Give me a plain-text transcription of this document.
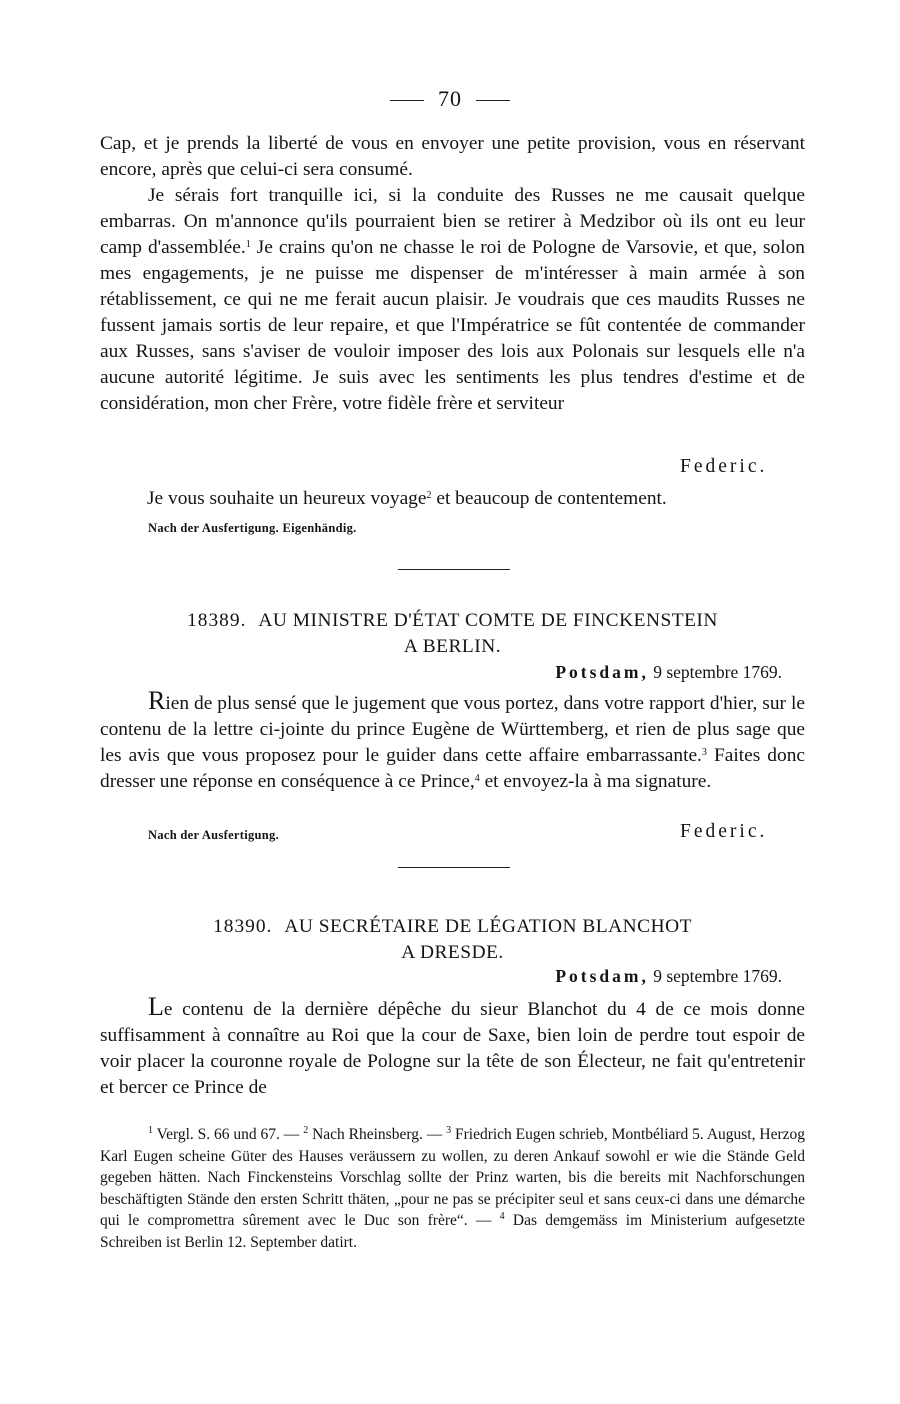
70

Cap, et je prends la liberté de vous en envoyer une petite provision, vous en réservant encore, après que celui-ci sera consumé.

Je sérais fort tranquille ici, si la conduite des Russes ne me causait quelque embarras. On m'annonce qu'ils pourraient bien se retirer à Medzibor où ils ont eu leur camp d'assemblée.$^1$ Je crains qu'on ne chasse le roi de Pologne de Varsovie, et que, solon mes engagements, je ne puisse me dispenser de m'intéresser à main armée à son rétablissement, ce qui ne me ferait aucun plaisir. Je voudrais que ces maudits Russes ne fussent jamais sortis de leur repaire, et que l'Impératrice se fût contentée de commander aux Russes, sans s'aviser de vouloir imposer des lois aux Polonais sur lesquels elle n'a aucune autorité légitime. Je suis avec les sentiments les plus tendres d'estime et de considération, mon cher Frère, votre fidèle frère et serviteur

Federic.

Je vous souhaite un heureux voyage$^2$ et beaucoup de contentement.

Nach der Ausfertigung. Eigenhändig.
18389. AU MINISTRE D'ÉTAT COMTE DE FINCKENSTEIN
A BERLIN.
Potsdam, 9 septembre 1769.

Rien de plus sensé que le jugement que vous portez, dans votre rapport d'hier, sur le contenu de la lettre ci-jointe du prince Eugène de Württemberg, et rien de plus sage que les avis que vous proposez pour le guider dans cette affaire embarrassante.$^3$ Faites donc dresser une réponse en conséquence à ce Prince,$^4$ et envoyez-la à ma signature.

Nach der Ausfertigung.	Federic.
18390. AU SECRÉTAIRE DE LÉGATION BLANCHOT
A DRESDE.
Potsdam, 9 septembre 1769.

Le contenu de la dernière dépêche du sieur Blanchot du 4 de ce mois donne suffisamment à connaître au Roi que la cour de Saxe, bien loin de perdre tout espoir de voir placer la couronne royale de Pologne sur la tête de son Électeur, ne fait qu'entretenir et bercer ce Prince de

$^1$ Vergl. S. 66 und 67. — $^2$ Nach Rheinsberg. — $^3$ Friedrich Eugen schrieb, Montbéliard 5. August, Herzog Karl Eugen scheine Güter des Hauses veräussern zu wollen, zu deren Ankauf sowohl er wie die Stände Geld gegeben hätten. Nach Finckensteins Vorschlag sollte der Prinz warten, bis die bereits mit Nachforschungen beschäftigten Stände den ersten Schritt thäten, „pour ne pas se précipiter seul et sans ceux-ci dans une démarche qui le compromettra sûrement avec le Duc son frère“. — $^4$ Das demgemäss im Ministerium aufgesetzte Schreiben ist Berlin 12. September datirt.
